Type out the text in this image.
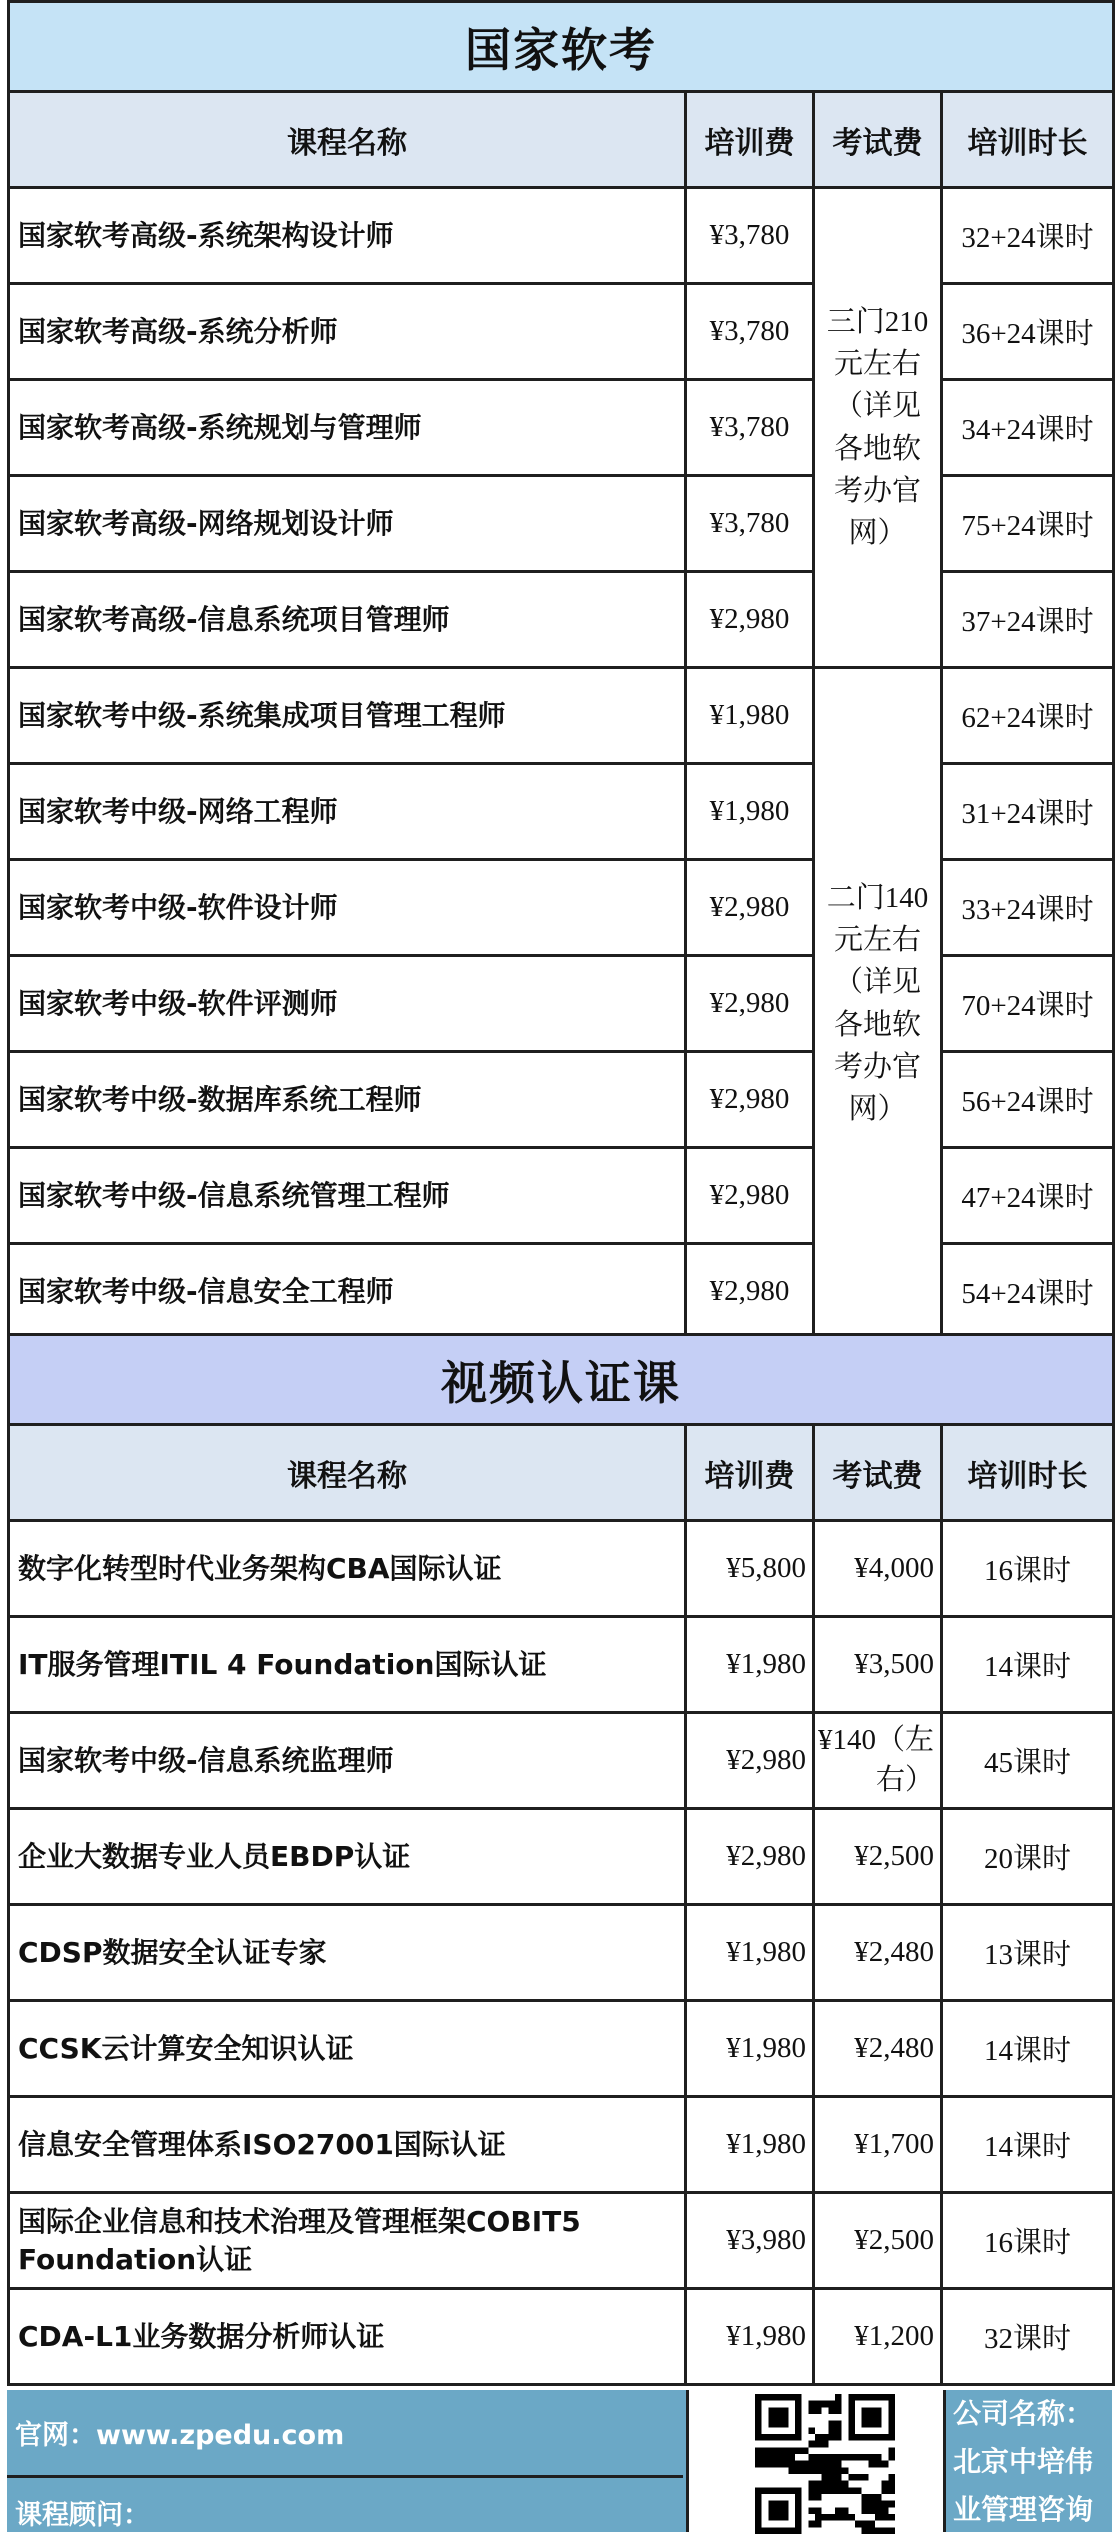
国家软考			
课程名称	培训费	考试费	培训时长
国家软考高级-系统架构设计师	¥3,780	三门210元左右（详见各地软考办官网）	32+24课时
国家软考高级-系统分析师	¥3,780		36+24课时
国家软考高级-系统规划与管理师	¥3,780		34+24课时
国家软考高级-网络规划设计师	¥3,780		75+24课时
国家软考高级-信息系统项目管理师	¥2,980		37+24课时
国家软考中级-系统集成项目管理工程师	¥1,980	二门140元左右（详见各地软考办官网）	62+24课时
国家软考中级-网络工程师	¥1,980		31+24课时
国家软考中级-软件设计师	¥2,980		33+24课时
国家软考中级-软件评测师	¥2,980		70+24课时
国家软考中级-数据库系统工程师	¥2,980		56+24课时
国家软考中级-信息系统管理工程师	¥2,980		47+24课时
国家软考中级-信息安全工程师	¥2,980		54+24课时
视频认证课			
课程名称	培训费	考试费	培训时长
数字化转型时代业务架构CBA国际认证	¥5,800	¥4,000	16课时
IT服务管理ITIL 4 Foundation国际认证	¥1,980	¥3,500	14课时
国家软考中级-信息系统监理师	¥2,980	¥140（左右）	45课时
企业大数据专业人员EBDP认证	¥2,980	¥2,500	20课时
CDSP数据安全认证专家	¥1,980	¥2,480	13课时
CCSK云计算安全知识认证	¥1,980	¥2,480	14课时
信息安全管理体系ISO27001国际认证	¥1,980	¥1,700	14课时
国际企业信息和技术治理及管理框架COBIT5 Foundation认证	¥3,980	¥2,500	16课时
CDA-L1业务数据分析师认证	¥1,980	¥1,200	32课时
官网：www.zpedu.com
课程顾问：
公司名称：北京中培伟业管理咨询
